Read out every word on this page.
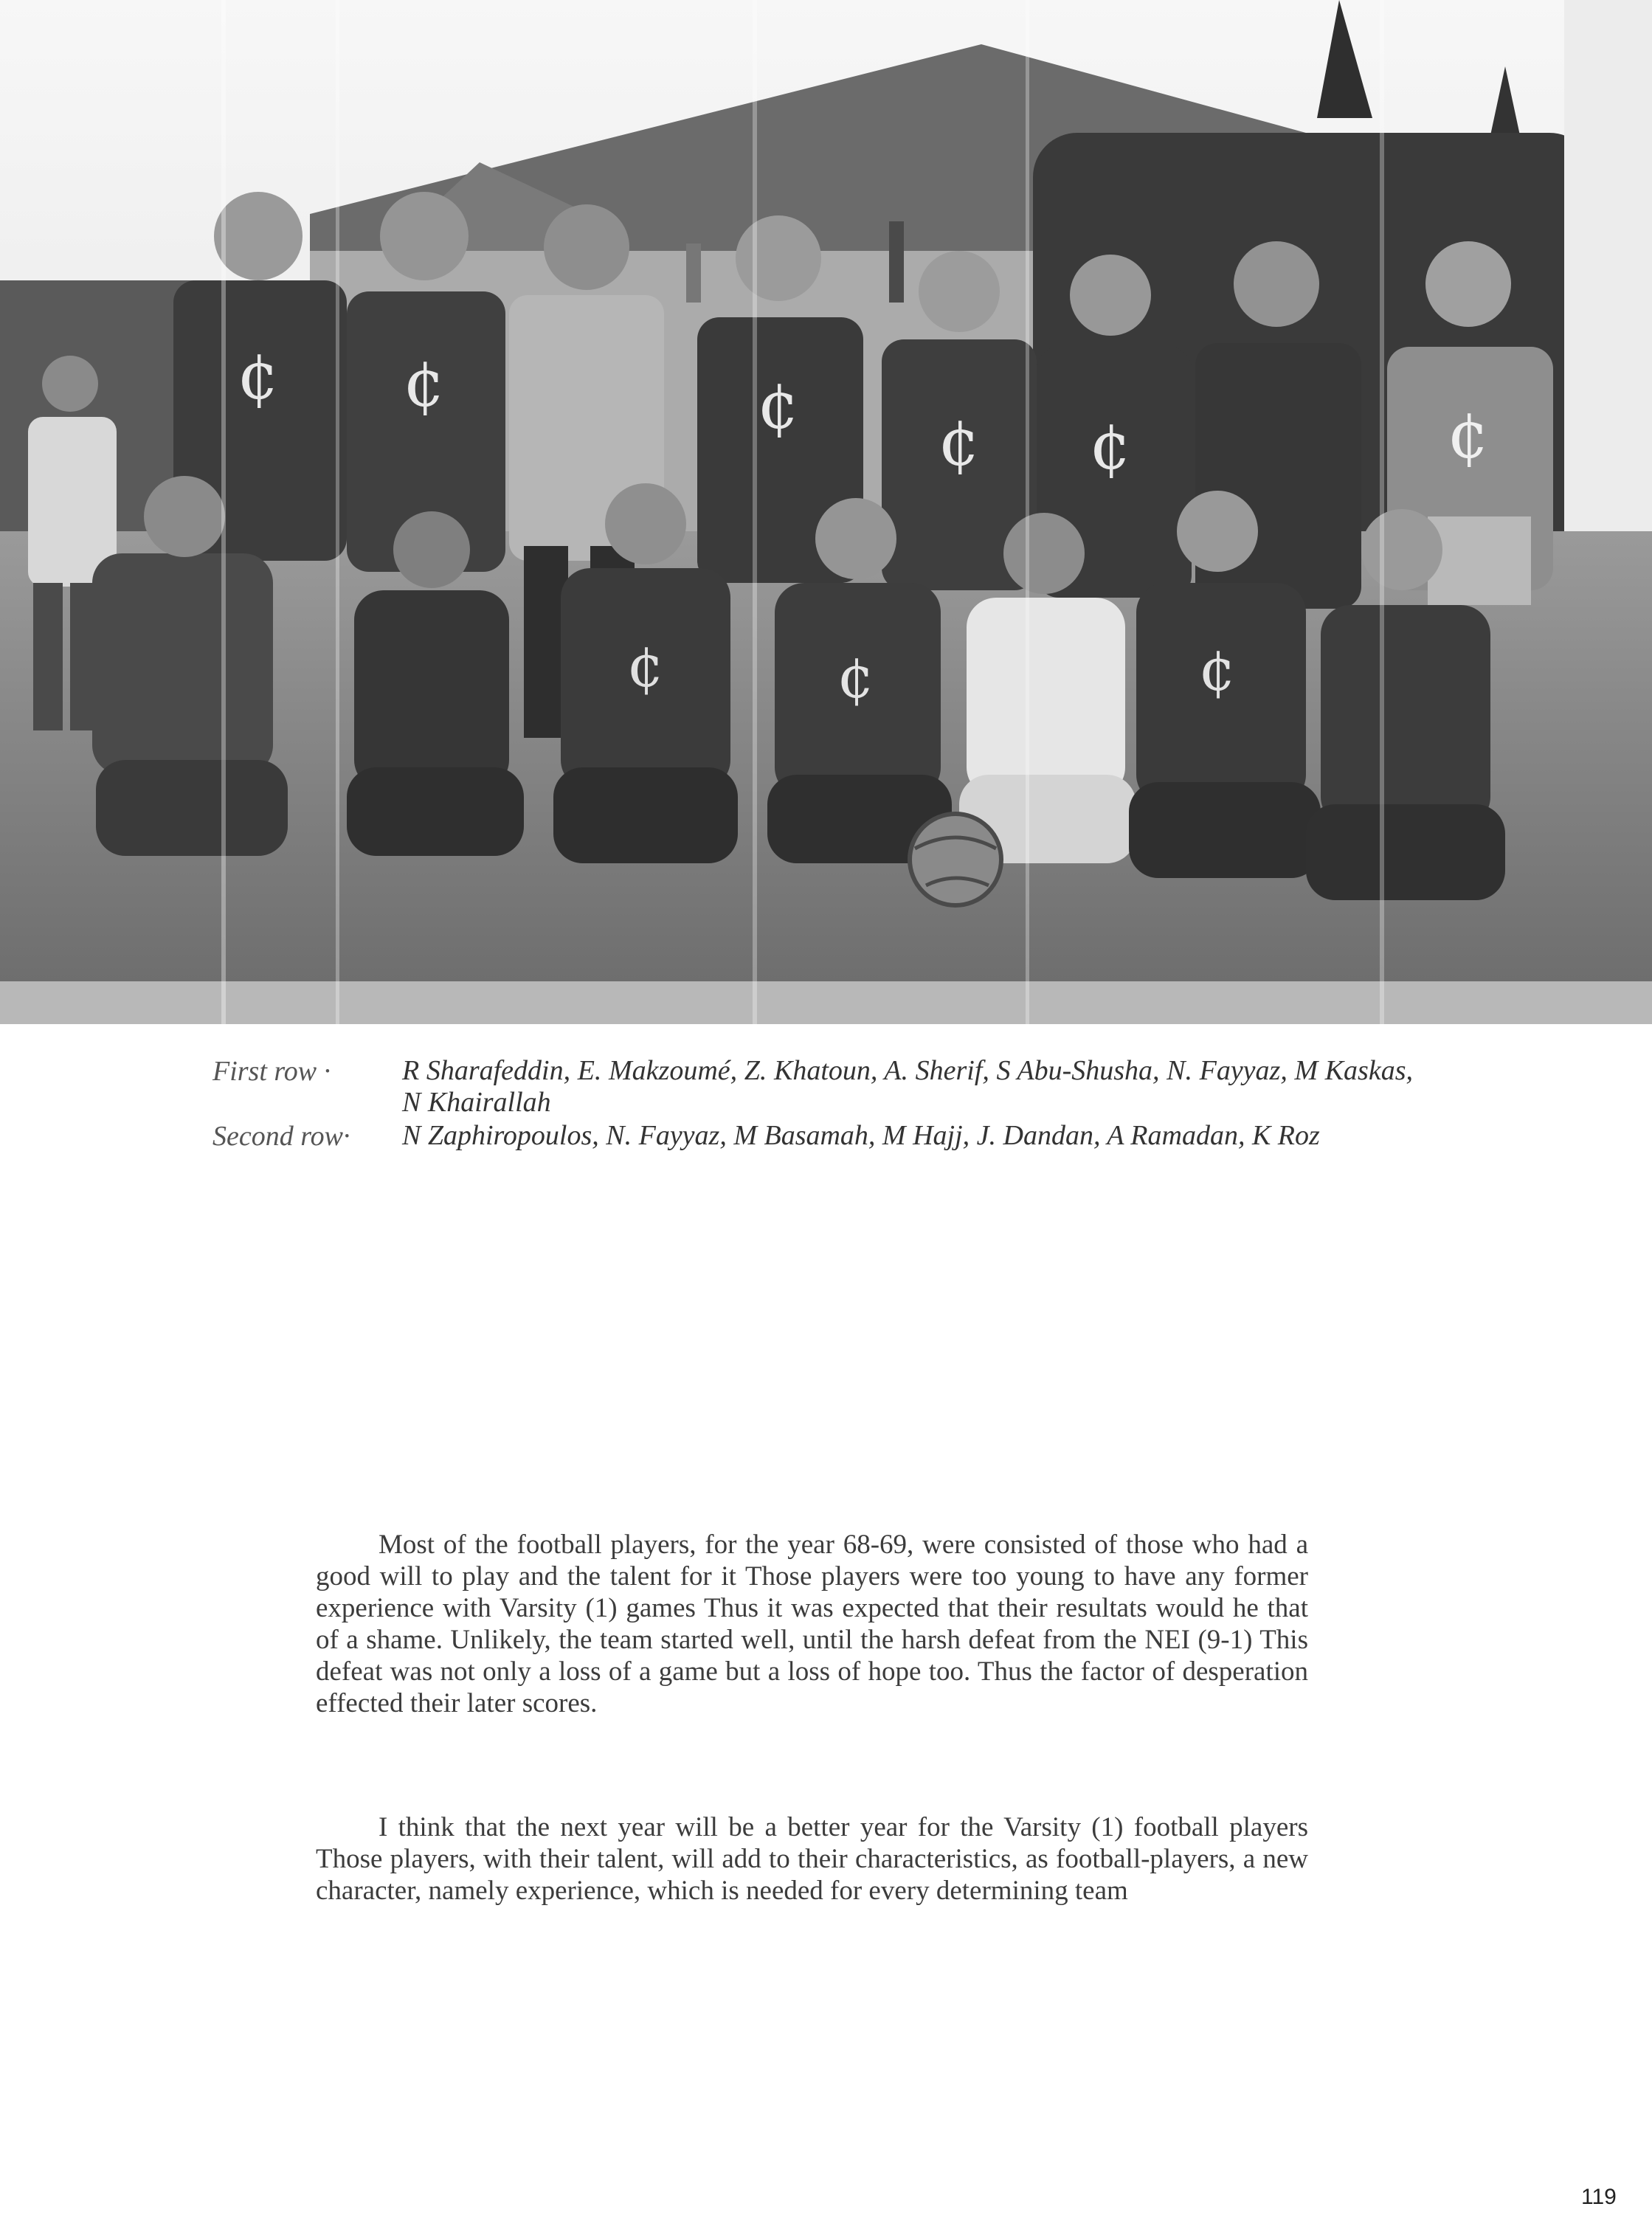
¢ ¢	¢ ¢ ¢	¢
¢	¢	¢
First row ·	R Sharafeddin, E. Makzoumé, Z. Khatoun, A. Sherif, S Abu-Shusha, N. Fayyaz, M Kaskas, N Khairallah
Second row· N Zaphiropoulos, N. Fayyaz, M Basamah, M Hajj, J. Dandan, A Ramadan, K Roz

Most of the football players, for the year 68-69, were consisted of those who had a good will to play and the talent for it Those players were too young to have any former experience with Varsity (1) games Thus it was expected that their resultats would he that of a shame. Unlikely, the team started well, until the harsh defeat from the NEI (9-1) This defeat was not only a loss of a game but a loss of hope too. Thus the factor of desperation effected their later scores.

I think that the next year will be a better year for the Varsity (1) football players Those players, with their talent, will add to their characteristics, as football-players, a new character, namely experience, which is needed for every determining team

119
